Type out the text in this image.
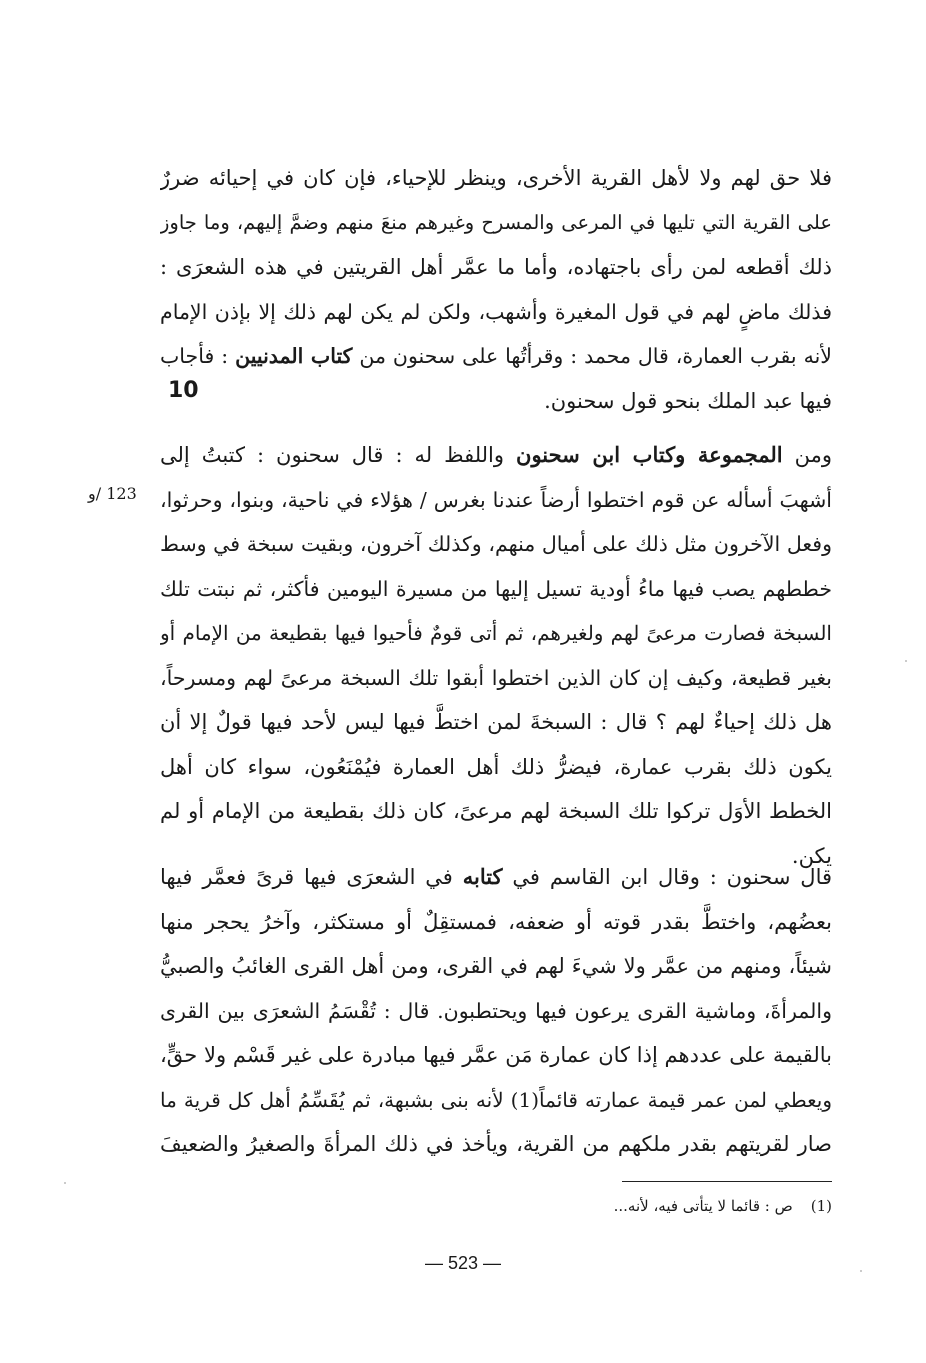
فلا حق لهم ولا لأهل القرية الأخرى، وينظر للإحياء، فإن كان في إحيائه ضررٌ
على القرية التي تليها في المرعى والمسرح وغيرهم منعَ منهم وضمَّ إليهم، وما جاوز
ذلك أقطعه لمن رأى باجتهاده، وأما ما عمَّر أهل القريتين في هذه الشعرَى :
فذلك ماضٍ لهم في قول المغيرة وأشهب، ولكن لم يكن لهم ذلك إلا بإذن الإمام
لأنه بقرب العمارة، قال محمد : وقرأتُها على سحنون من كتاب المدنيين : فأجاب
فيها عبد الملك بنحو قول سحنون.
10
123 /و
ومن المجموعة وكتاب ابن سحنون واللفظ له : قال سحنون : كتبتُ إلى
أشهبَ أسأله عن قوم اختطوا أرضاً عندنا بغرس / هؤلاء في ناحية، وبنوا، وحرثوا،
وفعل الآخرون مثل ذلك على أميال منهم، وكذلك آخرون، وبقيت سبخة في وسط
خططهم يصب فيها ماءُ أودية تسيل إليها من مسيرة اليومين فأكثر، ثم نبتت تلك
السبخة فصارت مرعىً لهم ولغيرهم، ثم أتى قومٌ فأحيوا فيها بقطيعة من الإمام أو
بغير قطيعة، وكيف إن كان الذين اختطوا أبقوا تلك السبخة مرعىً لهم ومسرحاً،
هل ذلك إحياءٌ لهم ؟ قال : السبخةَ لمن اختطَّ فيها ليس لأحد فيها قولٌ إلا أن
يكون ذلك بقرب عمارة، فيضرُّ ذلك أهل العمارة فيُمْنَعُون، سواء كان أهل
الخطط الأوَل تركوا تلك السبخة لهم مرعىً، كان ذلك بقطيعة من الإمام أو لم
يكن.
قال سحنون : وقال ابن القاسم في كتابه في الشعرَى فيها قرىً فعمَّر فيها
بعضُهم، واختطَّ بقدر قوته أو ضعفه، فمستقِلٌ أو مستكثر، وآخرُ يحجر منها
شيئاً، ومنهم من عمَّر ولا شيءَ لهم في القرى، ومن أهل القرى الغائبُ والصبيُّ
والمرأةَ، وماشية القرى يرعون فيها ويحتطبون. قال : تُقْسَمُ الشعرَى بين القرى
بالقيمة على عددهم إذا كان عمارة مَن عمَّر فيها مبادرة على غير قَسْم ولا حقٍّ،
ويعطي لمن عمر قيمة عمارته قائماً(1) لأنه بنى بشبهة، ثم يُقَسِّمُ أهل كل قرية ما
صار لقريتهم بقدر ملكهم من القرية، ويأخذ في ذلك المرأةَ والصغيرُ والضعيفَ
(1)ص : قائما لا يتأتى فيه، لأنه...
— 523 —
